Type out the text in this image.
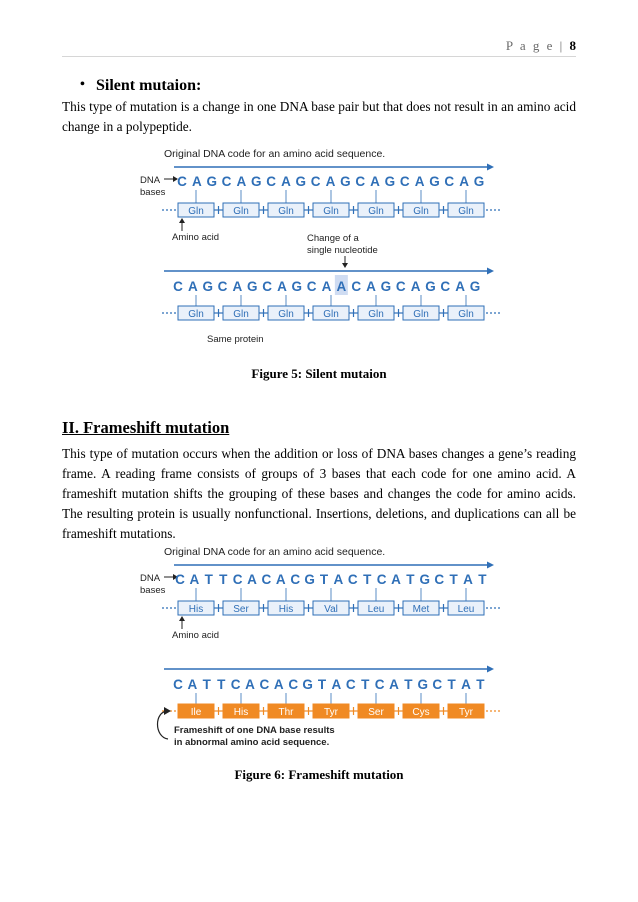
P a g e | 8
• Silent mutaion:
This type of mutation is a change in one DNA base pair but that does not result in an amino acid change in a polypeptide.
Original DNA code for an amino acid sequence.
DNA
bases
C A G C A G C A G C A G C A G C A G C A G
Gln	Gln	Gln	Gln	Gln	Gln	Gln
Amino acid	Change of a
single nucleotide
C A G C A G C A G C A A C A G C A G C A G
Gln	Gln	Gln	Gln	Gln	Gln	Gln
Same protein
Figure 5: Silent mutaion
II. Frameshift mutation
This type of mutation occurs when the addition or loss of DNA bases changes a gene’s reading frame. A reading frame consists of groups of 3 bases that each code for one amino acid. A frameshift mutation shifts the grouping of these bases and changes the code for amino acids. The resulting protein is usually nonfunctional. Insertions, deletions, and duplications can all be frameshift mutations.
Original DNA code for an amino acid sequence.
DNA
bases
C A T T C A C A C G T A C T C A T G C T A T
His	Ser	His	Val	Leu	Met	Leu
Amino acid
C A T T C A C A C G T A C T C A T G C T A T
Ile	His	Thr	Tyr	Ser	Cys	Tyr
Frameshift of one DNA base results
in abnormal amino acid sequence.
Figure 6: Frameshift mutation
